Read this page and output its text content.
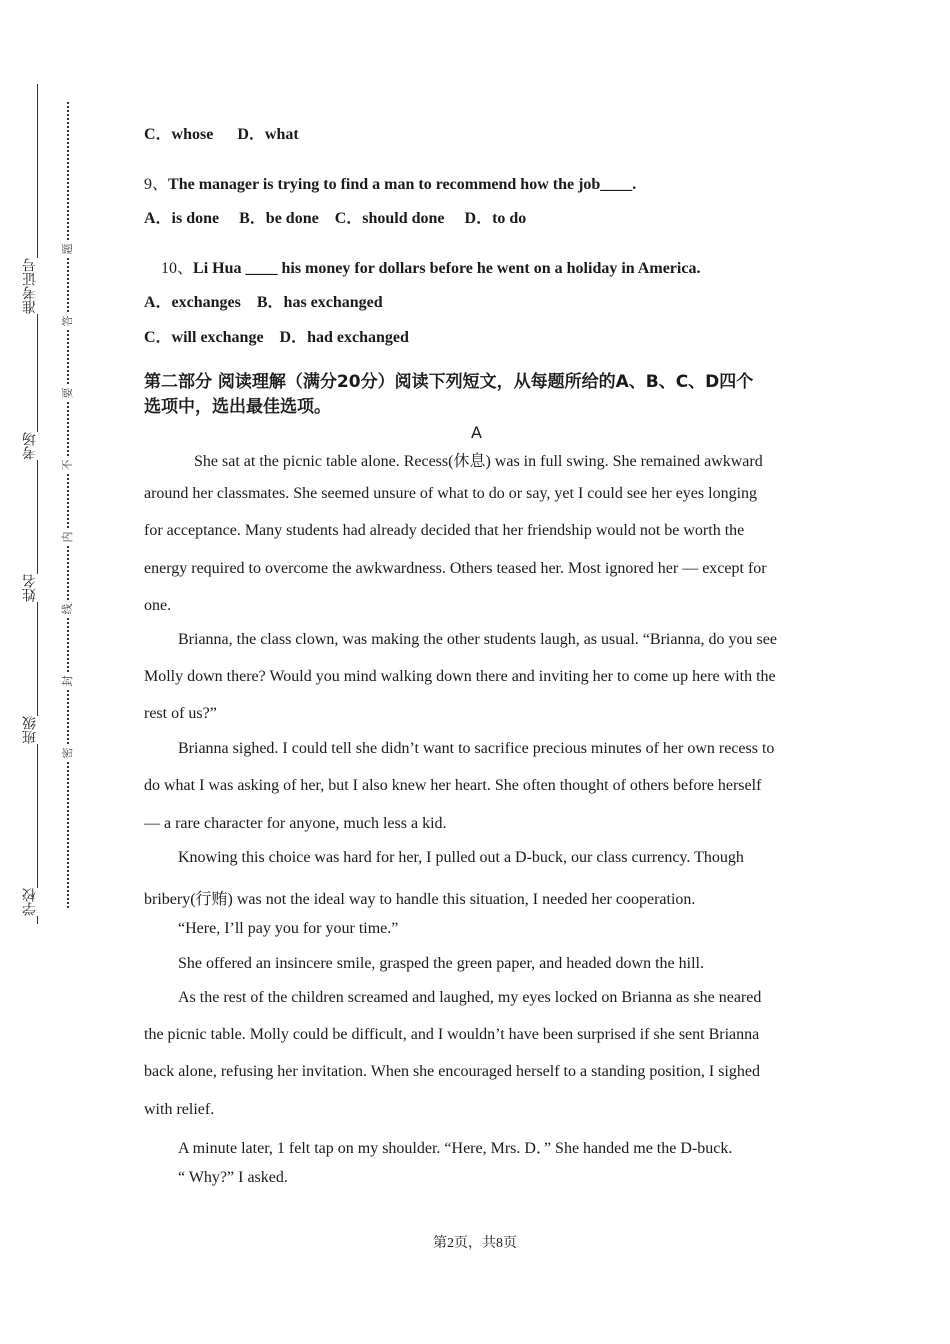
准考证号
考场
姓名
班级
学校
题
答
要
不
内
线
封
密
C．whose      D．what
9、The manager is trying to find a man to recommend how the job____.
A．is done     B．be done    C．should done     D．to do
10、Li Hua ____ his money for dollars before he went on a holiday in America.
A．exchanges    B．has exchanged
C．will exchange    D．had exchanged
第二部分 阅读理解（满分20分）阅读下列短文，从每题所给的A、B、C、D四个
选项中，选出最佳选项。
A
She sat at the picnic table alone. Recess(休息) was in full swing. She remained awkward
around her classmates. She seemed unsure of what to do or say, yet I could see her eyes longing
for acceptance. Many students had already decided that her friendship would not be worth the
energy required to overcome the awkwardness. Others teased her. Most ignored her — except for
one.
Brianna, the class clown, was making the other students laugh, as usual. “Brianna, do you see
Molly down there? Would you mind walking down there and inviting her to come up here with the
rest of us?”
Brianna sighed. I could tell she didn’t want to sacrifice precious minutes of her own recess to
do what I was asking of her, but I also knew her heart. She often thought of others before herself
— a rare character for anyone, much less a kid.
Knowing this choice was hard for her, I pulled out a D-buck, our class currency. Though
bribery(行贿) was not the ideal way to handle this situation, I needed her cooperation.
“Here, I’ll pay you for your time.”
She offered an insincere smile, grasped the green paper, and headed down the hill.
As the rest of the children screamed and laughed, my eyes locked on Brianna as she neared
the picnic table. Molly could be difficult, and I wouldn’t have been surprised if she sent Brianna
back alone, refusing her invitation. When she encouraged herself to a standing position, I sighed
with relief.
A minute later, 1 felt tap on my shoulder. “Here, Mrs. D．” She handed me the D-buck.
“ Why?” I asked.
第2页，共8页
